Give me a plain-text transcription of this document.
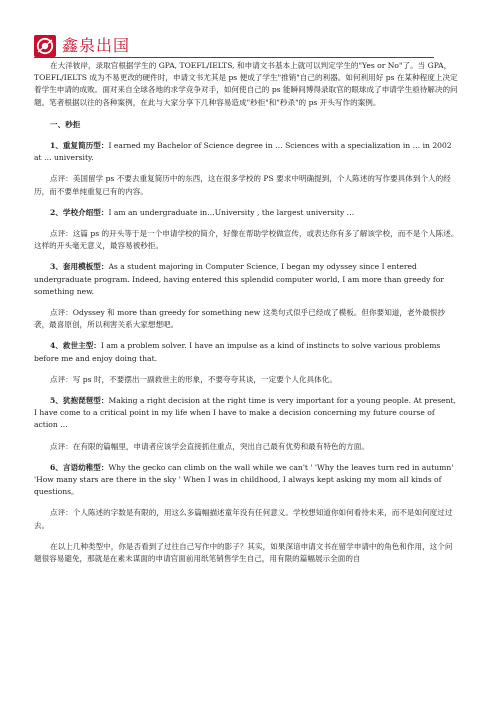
鑫泉出国

在大洋彼岸，录取官根据学生的 GPA, TOEFL/IELTS, 和申请文书基本上就可以判定学生的"Yes or No"了。当 GPA，TOEFL/IELTS 成为不易更改的硬件时，申请文书尤其是 ps 便成了学生"推销"自己的利器。如何利用好 ps 在某种程度上决定着学生申请的成败。面对来自全球各地的求学竞争对手，如何使自己的 ps 能瞬间博得录取官的眼球成了申请学生亟待解决的问题。笔者根据以往的各种案例，在此与大家分享下几种容易造成"秒拒"和"秒杀"的 ps 开头写作的案例。

一、秒拒

1、重复简历型：I earned my Bachelor of Science degree in … Sciences with a specialization in … in 2002 at … university.

点评：美国留学 ps 不要去重复简历中的东西，这在很多学校的 PS 要求中明确提到，个人陈述的写作要具体到个人的经历，而不要单纯重复已有的内容。

2、学校介绍型：I am an undergraduate in…University , the largest university …

点评：这篇 ps 的开头等于是一个申请学校的简介，好像在帮助学校做宣传，或表达你有多了解该学校，而不是个人陈述。这样的开头毫无意义，最容易被秒拒。

3、套用模板型：As a student majoring in Computer Science, I began my odyssey since I entered undergraduate program. Indeed, having entered this splendid computer world, I am more than greedy for something new.

点评：Odyssey 和 more than greedy for something new 这类句式似乎已经成了模板。但你要知道，老外最恨抄袭，最喜原创，所以利害关系大家想想吧。

4、救世主型：I am a problem solver. I have an impulse as a kind of instincts to solve various problems before me and enjoy doing that.

点评：写 ps 时，不要摆出一副救世主的形象，不要夸夸其谈，一定要个人化具体化。

5、犹抱琵琶型：Making a right decision at the right time is very important for a young people. At present, I have come to a critical point in my life when I have to make a decision concerning my future course of action …

点评：在有限的篇幅里，申请者应该学会直接抓住重点，突出自己最有优势和最有特色的方面。

6、言语幼稚型：Why the gecko can climb on the wall while we can't ' 'Why the leaves turn red in autumn' 'How many stars are there in the sky ' When I was in childhood, I always kept asking my mom all kinds of questions。

点评：个人陈述的字数是有限的，用这么多篇幅描述童年没有任何意义。学校想知道你如何看待未来，而不是如何度过过去。

在以上几种类型中，你是否看到了过往自己写作中的影子？其实，如果深谙申请文书在留学申请中的角色和作用，这个问题很容易避免，那就是在素未谋面的申请官面前用纸笔销售学生自己，用有限的篇幅展示全面的自
